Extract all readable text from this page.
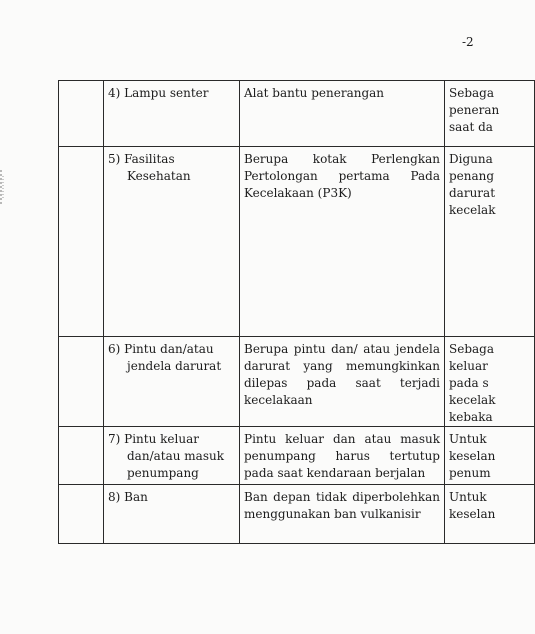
-2

	4) Lampu senter	Alat bantu penerangan	Sebaga
peneran
saat da

	5) Fasilitas
Kesehatan	Berupa kotak Perlengkan Pertolongan pertama Pada Kecelakaan (P3K)	Diguna
penang
darurat
kecelak

	6) Pintu dan/atau
jendela darurat	Berupa pintu dan/ atau jendela darurat yang memungkinkan dilepas pada saat terjadi kecelakaan	Sebaga
keluar
pada s
kecelak
kebaka

	7) Pintu keluar
dan/atau masuk
penumpang	Pintu keluar dan atau masuk penumpang harus tertutup pada saat kendaraan berjalan	Untuk
keselan
penum

	8) Ban	Ban depan tidak diperbolehkan menggunakan ban vulkanisir	Untuk
keselan
